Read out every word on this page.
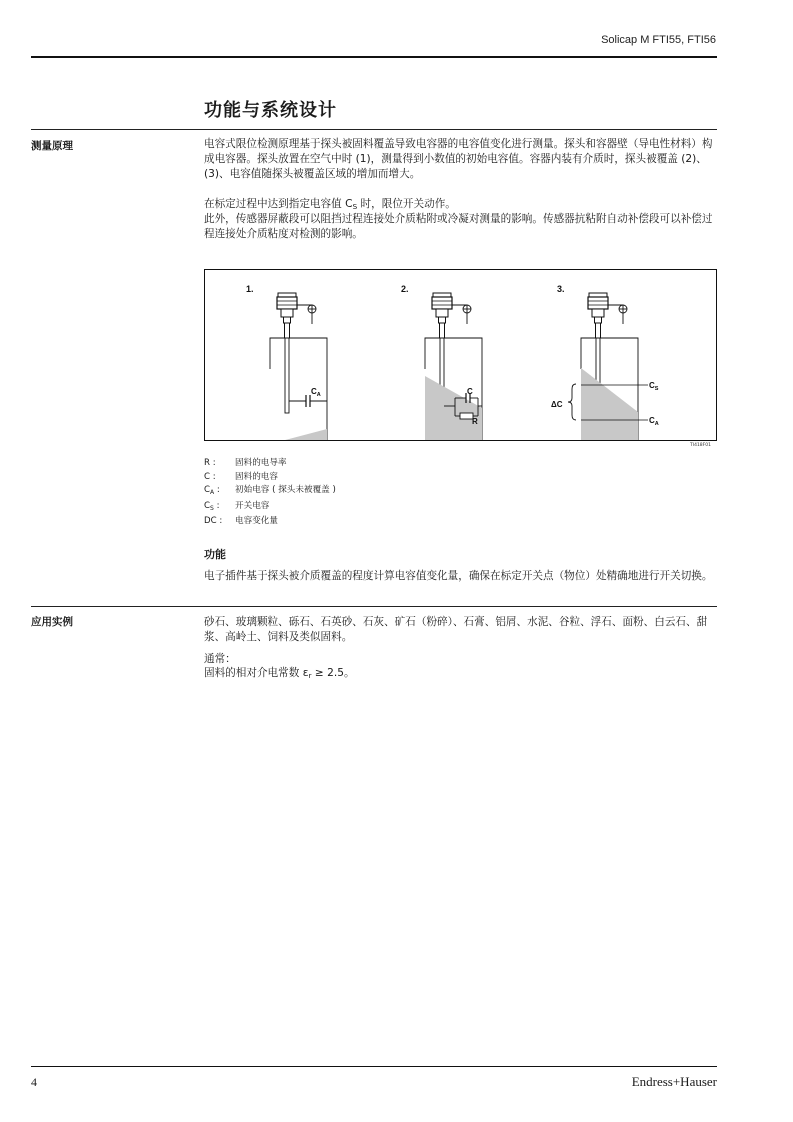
Solicap M FTI55, FTI56
功能与系统设计
测量原理	电容式限位检测原理基于探头被固料覆盖导致电容器的电容值变化进行测量。探头和容器壁（导电性材料）构成电容器。探头放置在空气中时 (1)，测量得到小数值的初始电容值。容器内装有介质时，探头被覆盖 (2)、(3)、电容值随探头被覆盖区域的增加而增大。

在标定过程中达到指定电容值 $C_S$ 时，限位开关动作。

此外，传感器屏蔽段可以阻挡过程连接处介质粘附或冷凝对测量的影响。传感器抗粘附自动补偿段可以补偿过程连接处介质粘度对检测的影响。

1.
$C_A$
2.
C
R
3.
$C_S$
$C_A$
ΔC
TI418F01
R :	固料的电导率
C :	固料的电容
$C_A$ :	初始电容 ( 探头未被覆盖 )
$C_S$ :	开关电容
DC :	电容变化量
功能

电子插件基于探头被介质覆盖的程度计算电容值变化量，确保在标定开关点（物位）处精确地进行开关切换。

应用实例	砂石、玻璃颗粒、砾石、石英砂、石灰、矿石（粉碎）、石膏、铝屑、水泥、谷粒、浮石、面粉、白云石、甜浆、高岭土、饲料及类似固料。

通常：

固料的相对介电常数 $\varepsilon_r \ge 2.5$。

4	Endress+Hauser
